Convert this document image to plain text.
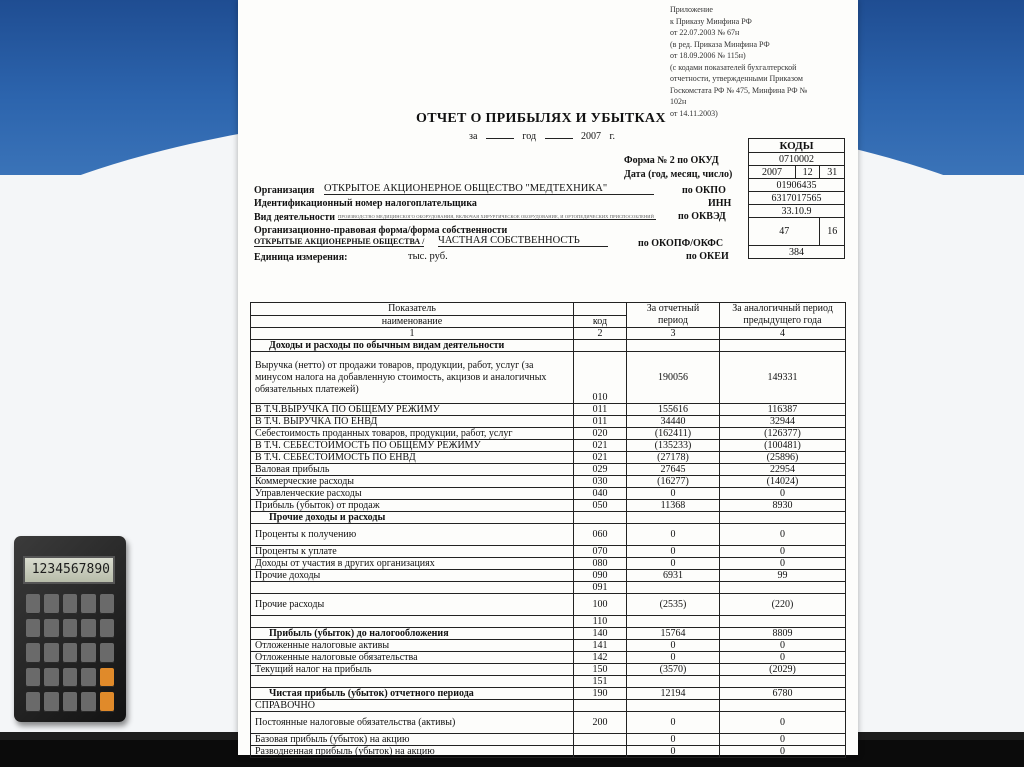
1234567890
Приложение
к Приказу Минфина РФ
от 22.07.2003 № 67н
(в ред. Приказа Минфина РФ
от 18.09.2006 № 115н)
(с кодами показателей бухгалтерской
отчетности, утвержденными Приказом
Госкомстата РФ № 475, Минфина РФ №
102н
от 14.11.2003)
ОТЧЕТ О ПРИБЫЛЯХ И УБЫТКАХ
за	год	2007 г.
Форма № 2 по ОКУД
Дата (год, месяц, число)
Организация ОТКРЫТОЕ АКЦИОНЕРНОЕ ОБЩЕСТВО "МЕДТЕХНИКА"	по ОКПО
Идентификационный номер налогоплательщика	ИНН
Вид деятельности ПРОИЗВОДСТВО МЕДИЦИНСКОГО ОБОРУДОВАНИЯ, ВКЛЮЧАЯ ХИРУРГИЧЕСКОЕ ОБОРУДОВАНИЕ, И ОРТОПЕДИЧЕСКИХ ПРИСПОСОБЛЕНИЙ по ОКВЭД
Организационно-правовая форма/форма собственности
ОТКРЫТЫЕ АКЦИОНЕРНЫЕ ОБЩЕСТВА / ЧАСТНАЯ СОБСТВЕННОСТЬ	по ОКОПФ/ОКФС
Единица измерения:	тыс. руб.	по ОКЕИ
КОДЫ		
0710002		
2007	12	31
01906435		
6317017565		
33.10.9		
47		16
384		
Показатель		За отчетный период	За аналогичный период предыдущего года
наименование	код		
1	2	3	4
Доходы и расходы по обычным видам деятельности			
Выручка (нетто) от продажи товаров, продукции, работ, услуг (за минусом налога на добавленную стоимость, акцизов и аналогичных обязательных платежей)	010	190056	149331
В Т.Ч.ВЫРУЧКА ПО ОБЩЕМУ РЕЖИМУ	011	155616	116387
В Т.Ч. ВЫРУЧКА ПО ЕНВД	011	34440	32944
Себестоимость проданных товаров, продукции, работ, услуг	020	(162411)	(126377)
В Т.Ч. СЕБЕСТОИМОСТЬ ПО ОБЩЕМУ РЕЖИМУ	021	(135233)	(100481)
В Т.Ч. СЕБЕСТОИМОСТЬ ПО ЕНВД	021	(27178)	(25896)
Валовая прибыль	029	27645	22954
Коммерческие расходы	030	(16277)	(14024)
Управленческие расходы	040	0	0
Прибыль (убыток) от продаж	050	11368	8930
Прочие доходы и расходы			
Проценты к получению	060	0	0
Проценты к уплате	070	0	0
Доходы от участия в других организациях	080	0	0
Прочие доходы	090	6931	99
	091		
Прочие расходы	100	(2535)	(220)
	110		
Прибыль (убыток) до налогообложения	140	15764	8809
Отложенные налоговые активы	141	0	0
Отложенные налоговые обязательства	142	0	0
Текущий налог на прибыль	150	(3570)	(2029)
	151		
Чистая прибыль (убыток) отчетного периода	190	12194	6780
СПРАВОЧНО			
Постоянные налоговые обязательства (активы)	200	0	0
Базовая прибыль (убыток) на акцию		0	0
Разводненная прибыль (убыток) на акцию		0	0
